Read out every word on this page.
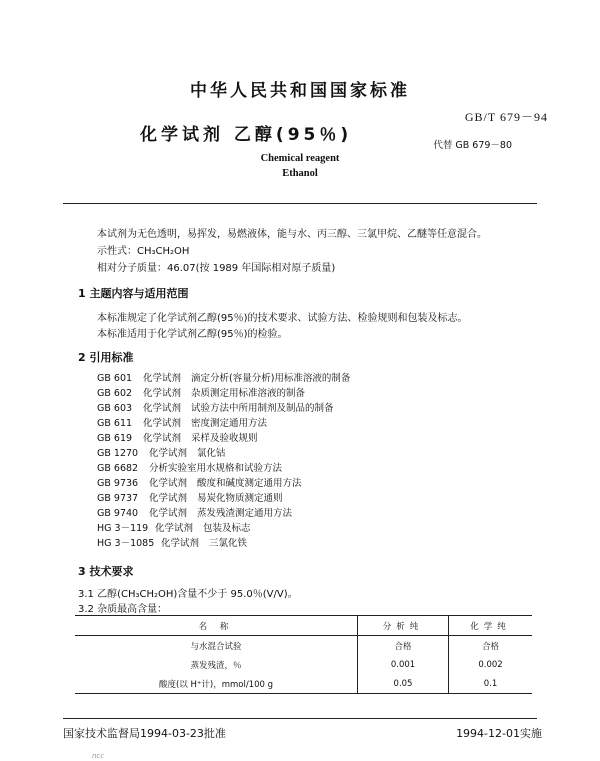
中华人民共和国国家标准
GB/T 679－94
化学试剂 乙醇(95％)
代替 GB 679－80
Chemical reagent
Ethanol
本试剂为无色透明，易挥发，易燃液体，能与水、丙三醇、三氯甲烷、乙醚等任意混合。
示性式：CH₃CH₂OH
相对分子质量：46.07(按 1989 年国际相对原子质量)
1 主题内容与适用范围
本标准规定了化学试剂乙醇(95％)的技术要求、试验方法、检验规则和包装及标志。
本标准适用于化学试剂乙醇(95％)的检验。
2 引用标准
GB 601 化学试剂 滴定分析(容量分析)用标准溶液的制备
GB 602 化学试剂 杂质测定用标准溶液的制备
GB 603 化学试剂 试验方法中所用制剂及制品的制备
GB 611 化学试剂 密度测定通用方法
GB 619 化学试剂 采样及验收规则
GB 1270 化学试剂 氯化钴
GB 6682 分析实验室用水规格和试验方法
GB 9736 化学试剂 酸度和碱度测定通用方法
GB 9737 化学试剂 易炭化物质测定通则
GB 9740 化学试剂 蒸发残渣测定通用方法
HG 3－119 化学试剂 包装及标志
HG 3－1085 化学试剂 三氯化铁
3 技术要求
3.1 乙醇(CH₃CH₂OH)含量不少于 95.0％(V/V)。
3.2 杂质最高含量：
名 称	分析纯	化学纯
与水混合试验	合格	合格
蒸发残渣，％	0.001	0.002
酸度(以 H⁺计)，mmol/100 g	0.05	0.1
国家技术监督局1994-03-23批准	1994-12-01实施
ncc
